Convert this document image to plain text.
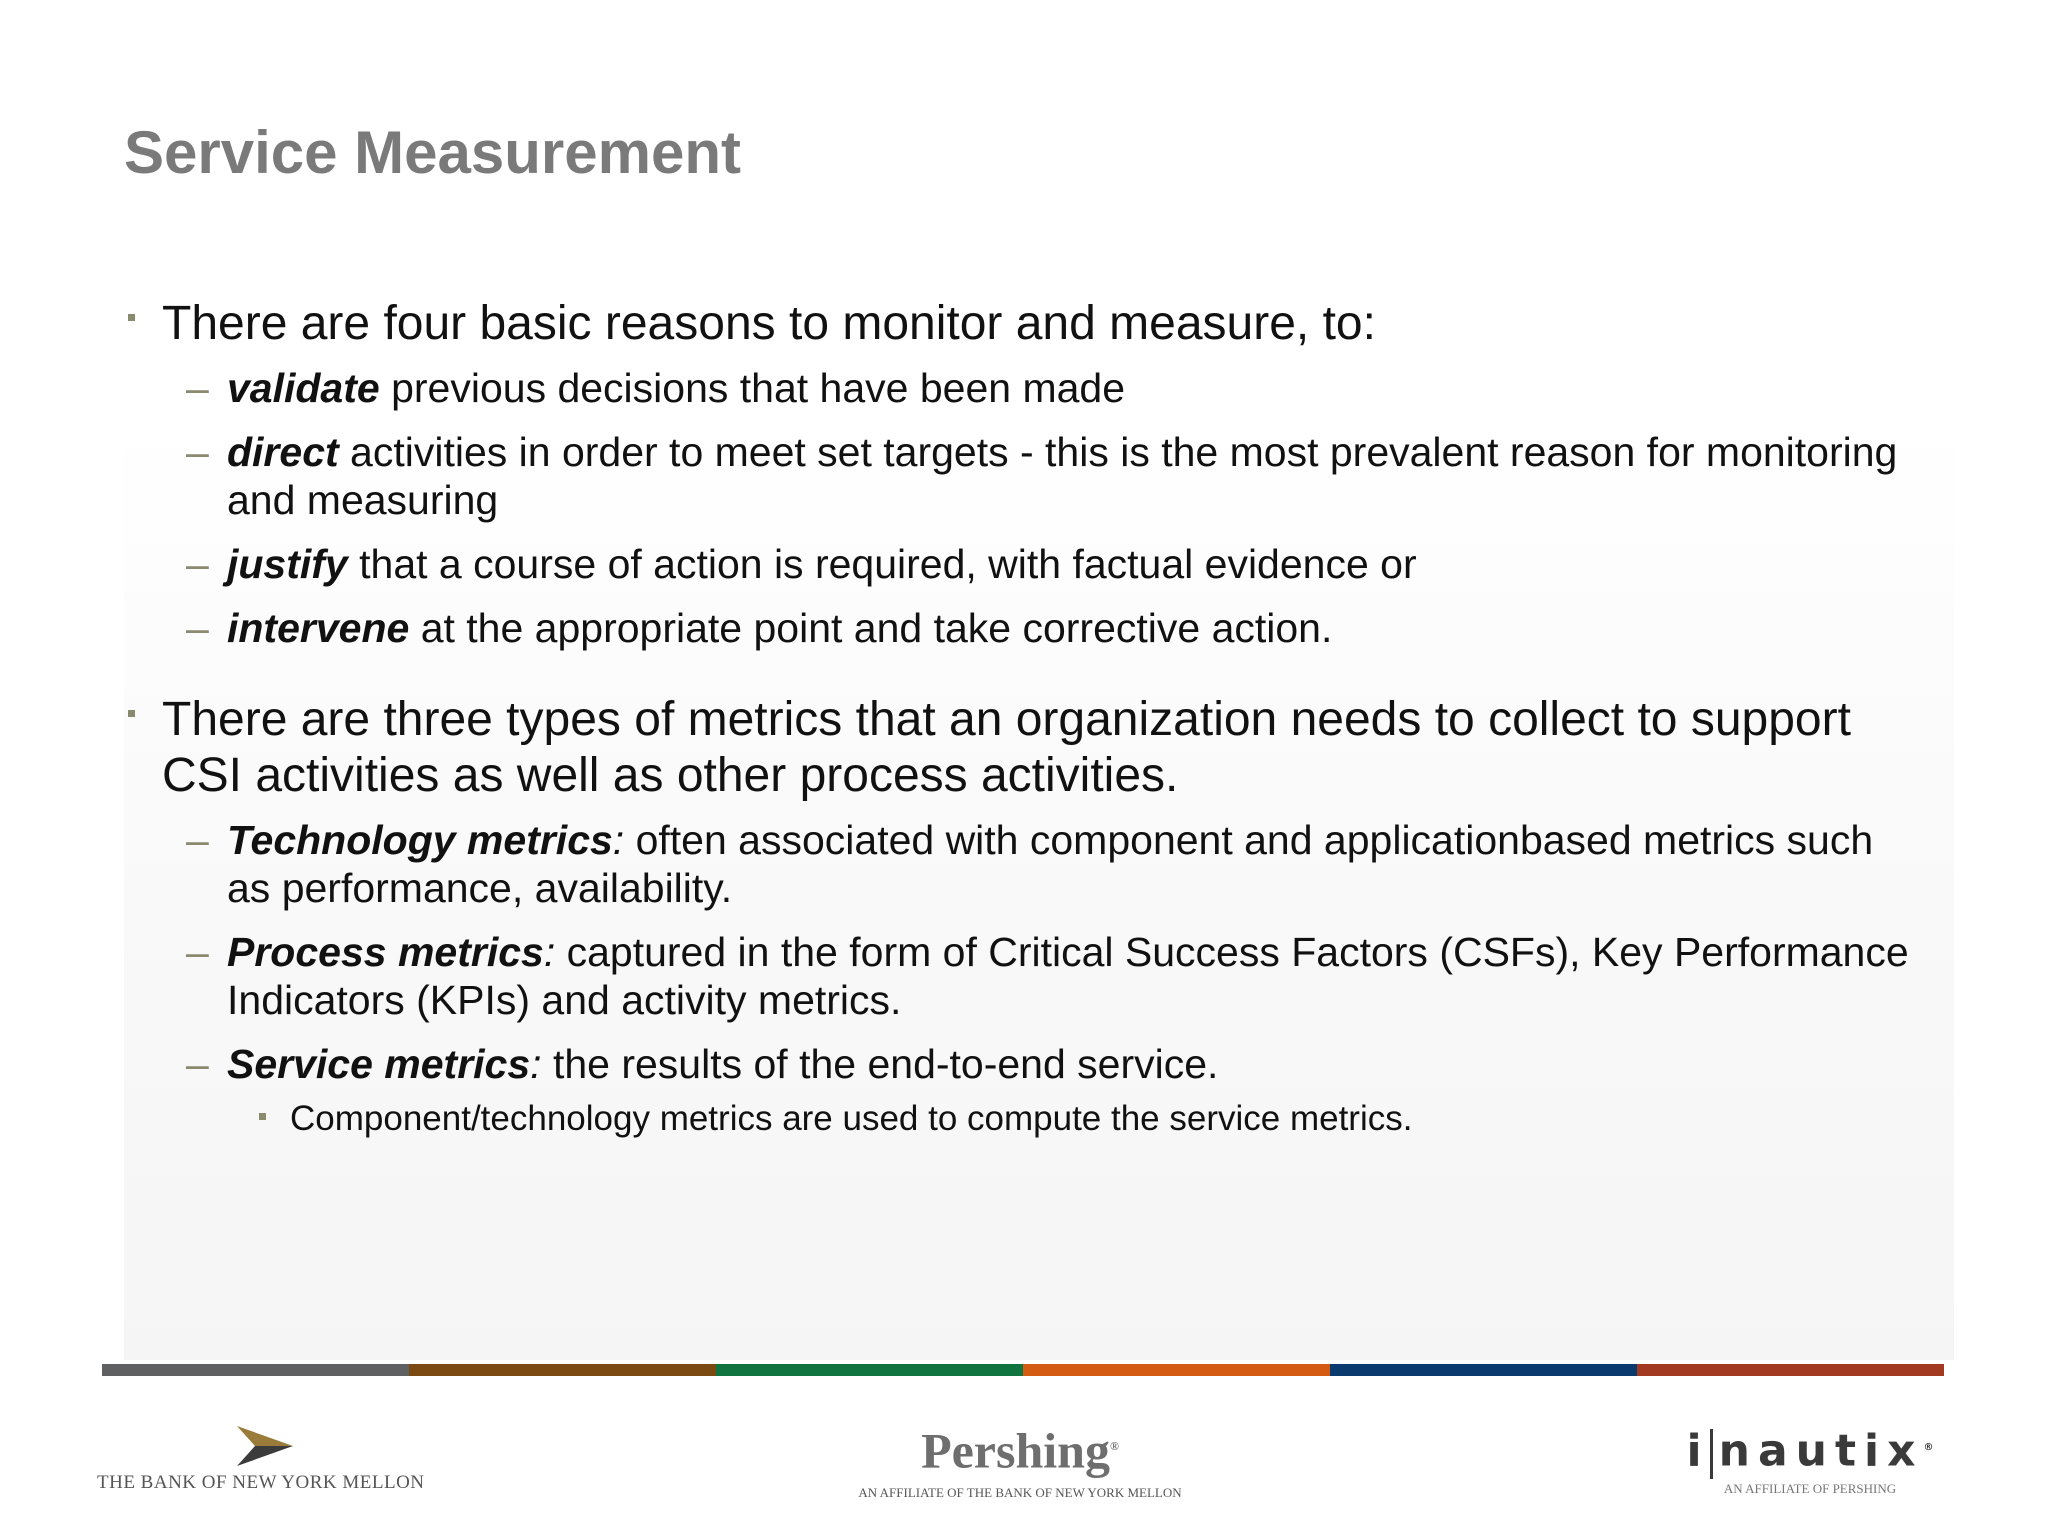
Service Measurement
There are four basic reasons to monitor and measure, to:
– validate previous decisions that have been made
– direct activities in order to meet set targets - this is the most prevalent reason for monitoring and measuring
– justify that a course of action is required, with factual evidence or
– intervene at the appropriate point and take corrective action.
There are three types of metrics that an organization needs to collect to support CSI activities as well as other process activities.
– Technology metrics: often associated with component and applicationbased metrics such as performance, availability.
– Process metrics: captured in the form of Critical Success Factors (CSFs), Key Performance Indicators (KPIs) and activity metrics.
– Service metrics: the results of the end-to-end service.
Component/technology metrics are used to compute the service metrics.
THE BANK OF NEW YORK MELLON
Pershing®
AN AFFILIATE OF THE BANK OF NEW YORK MELLON
i nautix®
AN AFFILIATE OF PERSHING
